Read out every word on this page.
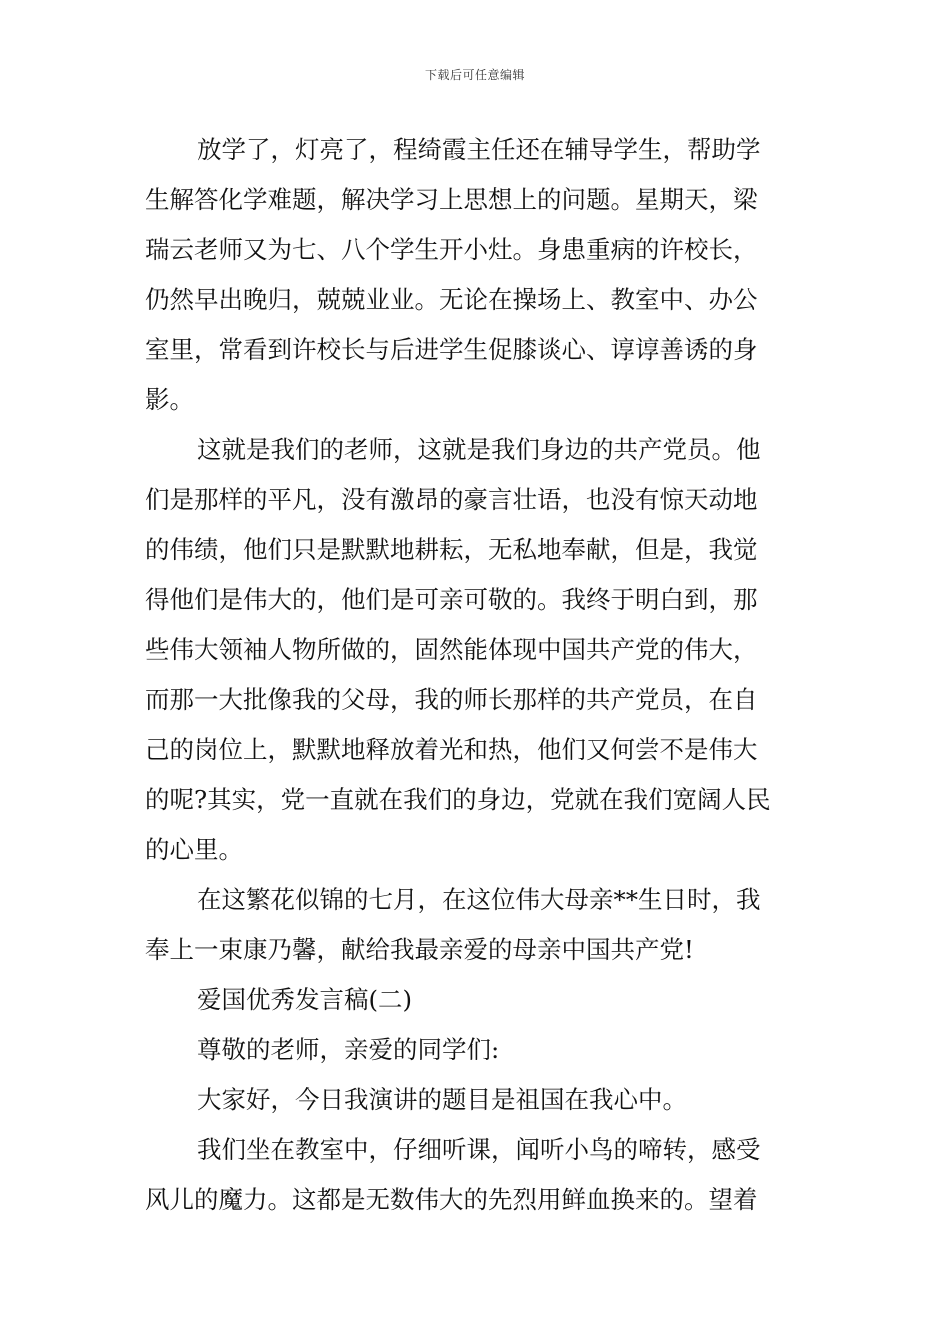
下载后可任意编辑
放学了，灯亮了，程绮霞主任还在辅导学生，帮助学
生解答化学难题，解决学习上思想上的问题。星期天，梁
瑞云老师又为七、八个学生开小灶。身患重病的许校长，
仍然早出晚归，兢兢业业。无论在操场上、教室中、办公
室里，常看到许校长与后进学生促膝谈心、谆谆善诱的身
影。
这就是我们的老师，这就是我们身边的共产党员。他
们是那样的平凡，没有激昂的豪言壮语，也没有惊天动地
的伟绩，他们只是默默地耕耘，无私地奉献，但是，我觉
得他们是伟大的，他们是可亲可敬的。我终于明白到，那
些伟大领袖人物所做的，固然能体现中国共产党的伟大，
而那一大批像我的父母，我的师长那样的共产党员，在自
己的岗位上，默默地释放着光和热，他们又何尝不是伟大
的呢?其实，党一直就在我们的身边，党就在我们宽阔人民
的心里。
在这繁花似锦的七月，在这位伟大母亲**生日时，我
奉上一束康乃馨，献给我最亲爱的母亲中国共产党!
爱国优秀发言稿(二)
尊敬的老师，亲爱的同学们:
大家好，今日我演讲的题目是祖国在我心中。
我们坐在教室中，仔细听课，闻听小鸟的啼转，感受
风儿的魔力。这都是无数伟大的先烈用鲜血换来的。望着
